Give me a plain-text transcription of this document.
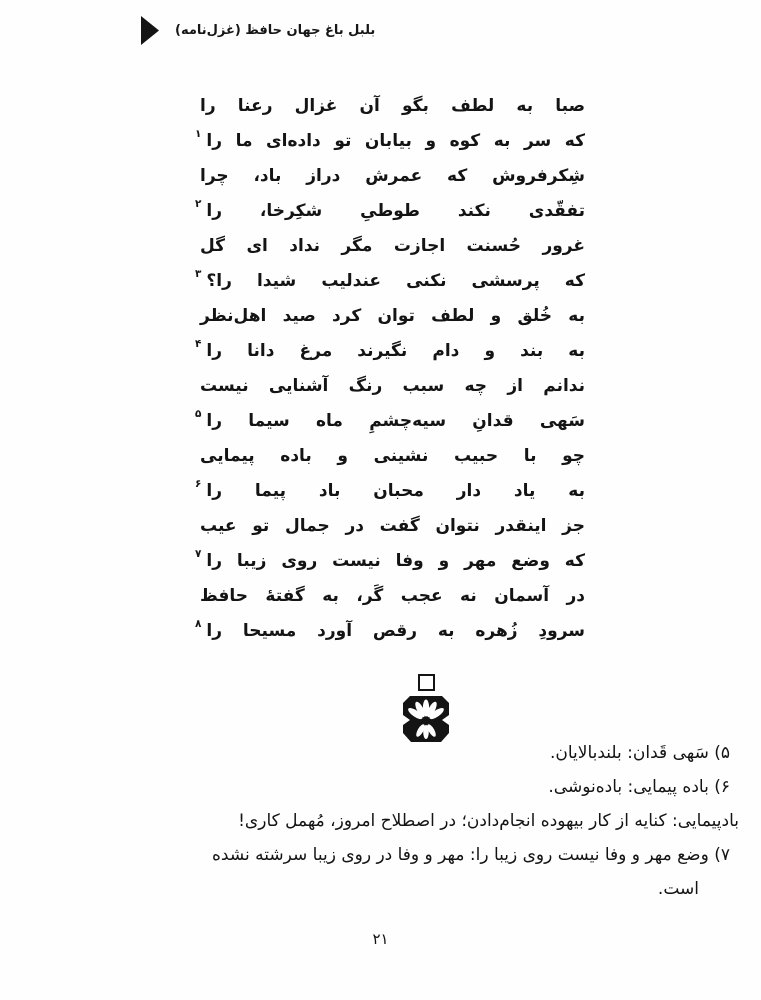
بلبل باغ جهان حافظ (غزل‌نامه)
صبا به لطف بگو آن غزال رعنا را
که سر به کوه و بیابان تو داده‌ای ما را
$^۱$
شِکرفروش که عمرش دراز باد، چرا
تفقّدی نکند طوطیِ شکِرخا، را
$^۲$
غرور حُسنت اجازت مگر نداد ای گل
که پرسشی نکنی عندلیب شیدا را؟
$^۳$
به خُلق و لطف توان کرد صید اهل‌نظر
به بند و دام نگیرند مرغ دانا را
$^۴$
ندانم از چه سبب رنگ آشنایی نیست
سَهی قدانِ سیه‌چشمِ ماه سیما را
$^۵$
چو با حبیب نشینی و باده پیمایی
به یاد دار محبان باد پیما را
$^۶$
جز اینقدر نتوان گفت در جمال تو عیب
که وضع مهر و وفا نیست روی زیبا را
$^۷$
در آسمان نه عجب گَر، به گفتۀ حافظ
سرودِ زُهره به رقص آورد مسیحا را
$^۸$
۵) سَهی قَدان: بلندبالایان.
۶) باده پیمایی: باده‌نوشی.
بادپیمایی: کنایه از کار بیهوده انجام‌دادن؛ در اصطلاح امروز، مُهمل کاری!
۷) وضع مهر و وفا نیست روی زیبا را: مهر و وفا در روی زیبا سرشته نشده
است.
۲۱
